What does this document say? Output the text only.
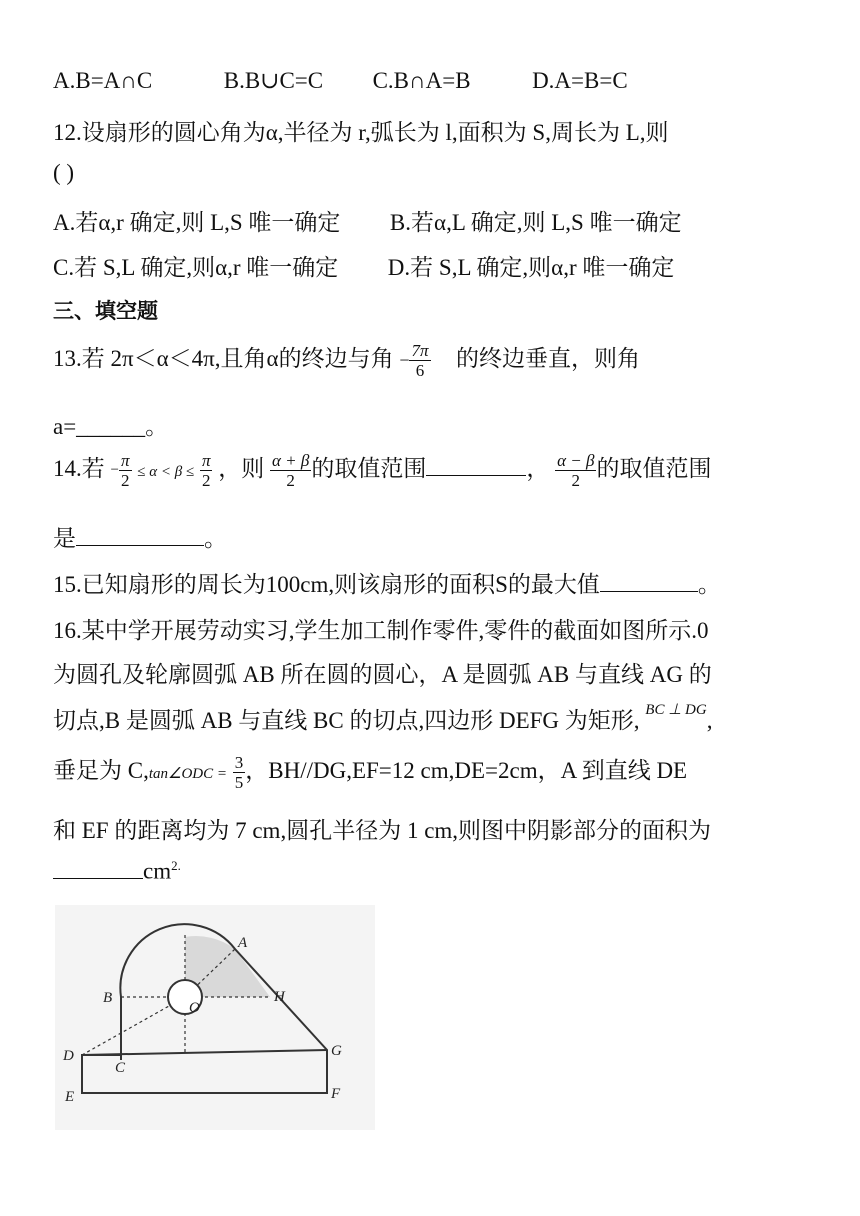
A.B=A∩C	B.B∪C=C C.B∩A=B	D.A=B=C
12.设扇形的圆心角为α,半径为 r,弧长为 l,面积为 S,周长为 L,则
( )
A.若α,r 确定,则 L,S 唯一确定 B.若α,L 确定,则 L,S 唯一确定
C.若 S,L 确定,则α,r 唯一确定 D.若 S,L 确定,则α,r 唯一确定
三、填空题
13.若 2π＜α＜4π,且角α的终边与角 − $\frac{7\pi}{6}$ 的终边垂直，则角
a=______。
14.若 − $\frac{\pi}{2} \le \alpha < \beta \le \frac{\pi}{2}$ ，则 $\frac{\alpha + \beta}{2}$ 的取值范围	， $\frac{\alpha - \beta}{2}$ 的取值范围
是	。
15.已知扇形的周长为100cm,则该扇形的面积S的最大值	。
16.某中学开展劳动实习,学生加工制作零件,零件的截面如图所示.0
为圆孔及轮廓圆弧 AB 所在圆的圆心，A 是圆弧 AB 与直线 AG 的
切点,B 是圆弧 AB 与直线 BC 的切点,四边形 DEFG 为矩形, $^{BC \perp DG}$,
垂足为 C,tan∠ODC = $\frac{3}{5}$ ，BH//DG,EF=12 cm,DE=2cm，A 到直线 DE
和 EF 的距离均为 7 cm,圆孔半径为 1 cm,则图中阴影部分的面积为
$cm^{2.}$
A
B
C
D
E	F
G
H
O
